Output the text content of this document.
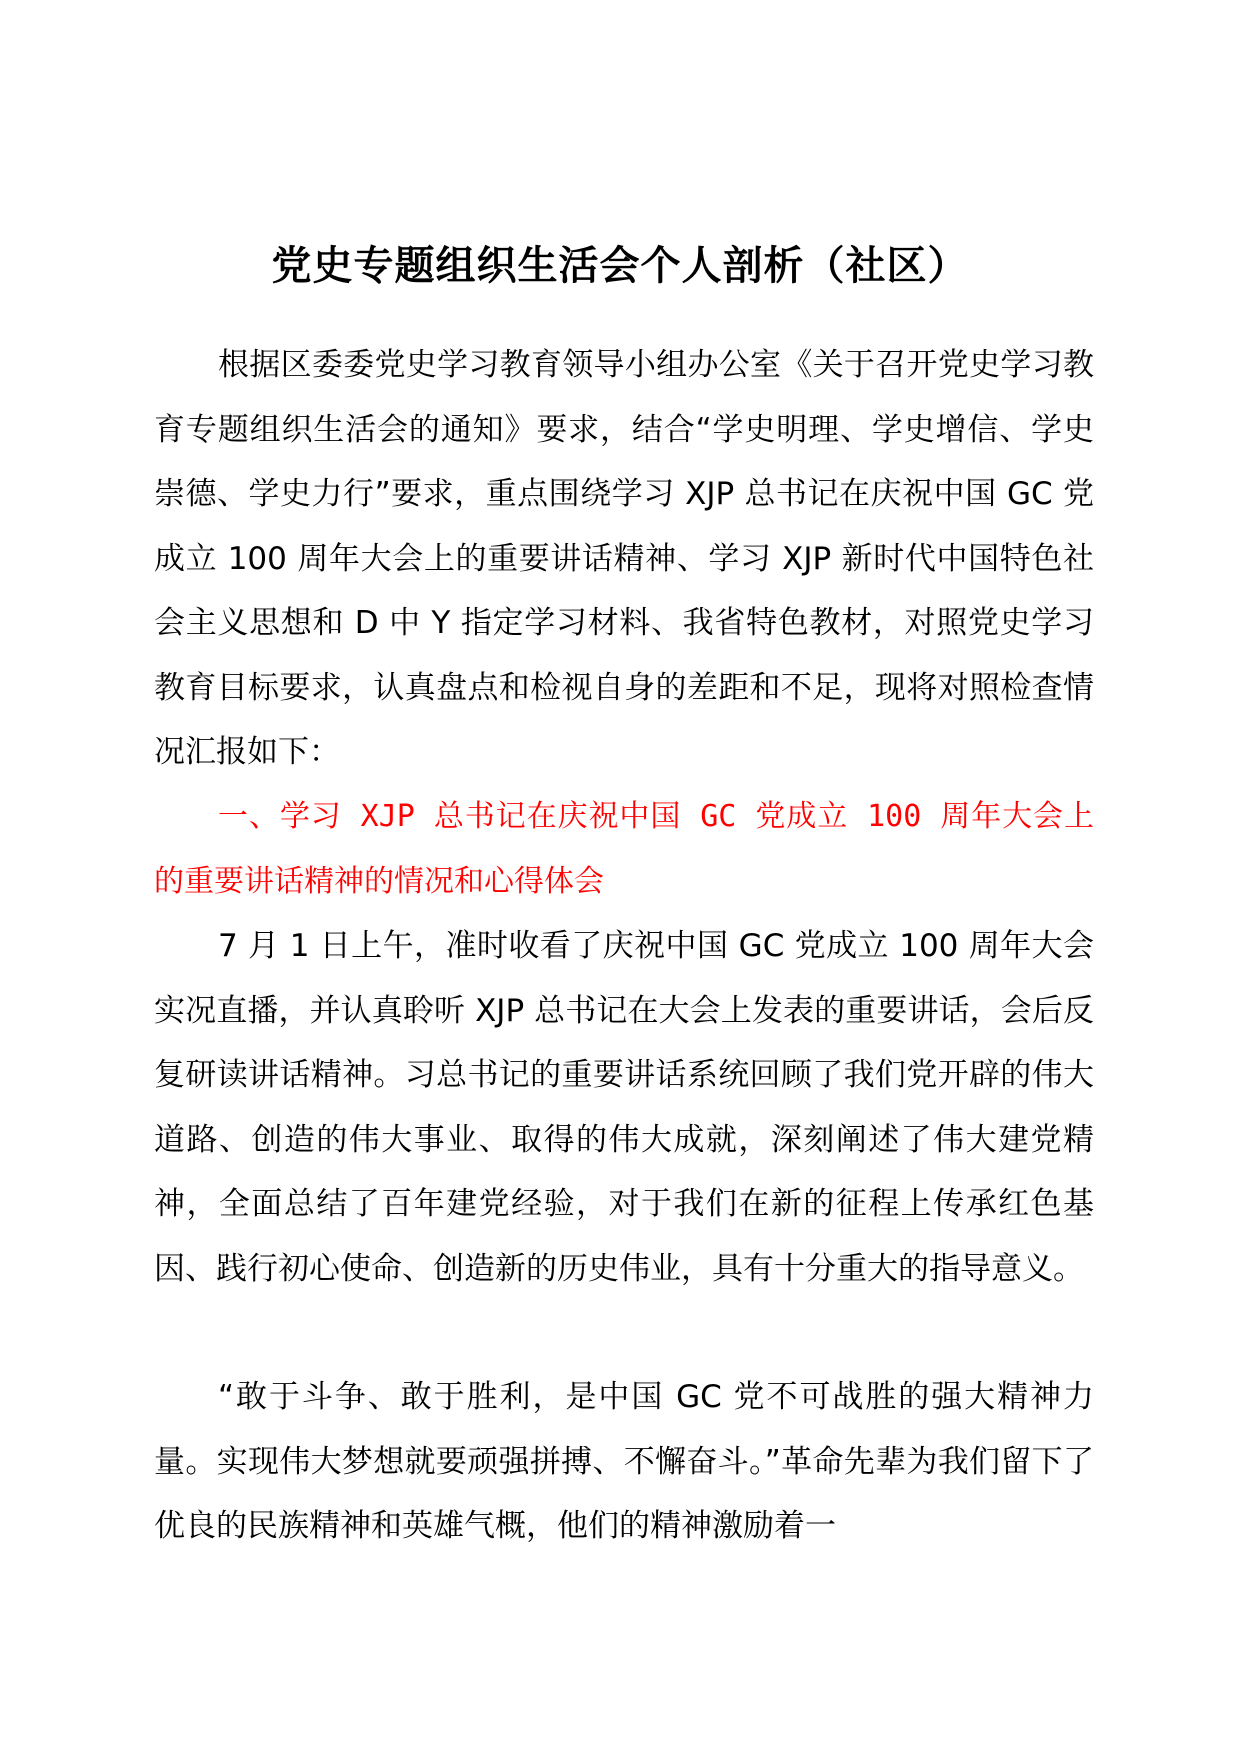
党史专题组织生活会个人剖析（社区）

根据区委委党史学习教育领导小组办公室《关于召开党史学习教育专题组织生活会的通知》要求，结合“学史明理、学史增信、学史崇德、学史力行”要求，重点围绕学习 XJP 总书记在庆祝中国 GC 党成立 100 周年大会上的重要讲话精神、学习 XJP 新时代中国特色社会主义思想和 D 中 Y 指定学习材料、我省特色教材，对照党史学习教育目标要求，认真盘点和检视自身的差距和不足，现将对照检查情况汇报如下：

一、学习 XJP 总书记在庆祝中国 GC 党成立 100 周年大会上的重要讲话精神的情况和心得体会

7 月 1 日上午，准时收看了庆祝中国 GC 党成立 100 周年大会实况直播，并认真聆听 XJP 总书记在大会上发表的重要讲话，会后反复研读讲话精神。习总书记的重要讲话系统回顾了我们党开辟的伟大道路、创造的伟大事业、取得的伟大成就，深刻阐述了伟大建党精神，全面总结了百年建党经验，对于我们在新的征程上传承红色基因、践行初心使命、创造新的历史伟业，具有十分重大的指导意义。

“敢于斗争、敢于胜利，是中国 GC 党不可战胜的强大精神力量。实现伟大梦想就要顽强拼搏、不懈奋斗。”革命先辈为我们留下了优良的民族精神和英雄气概，他们的精神激励着一
